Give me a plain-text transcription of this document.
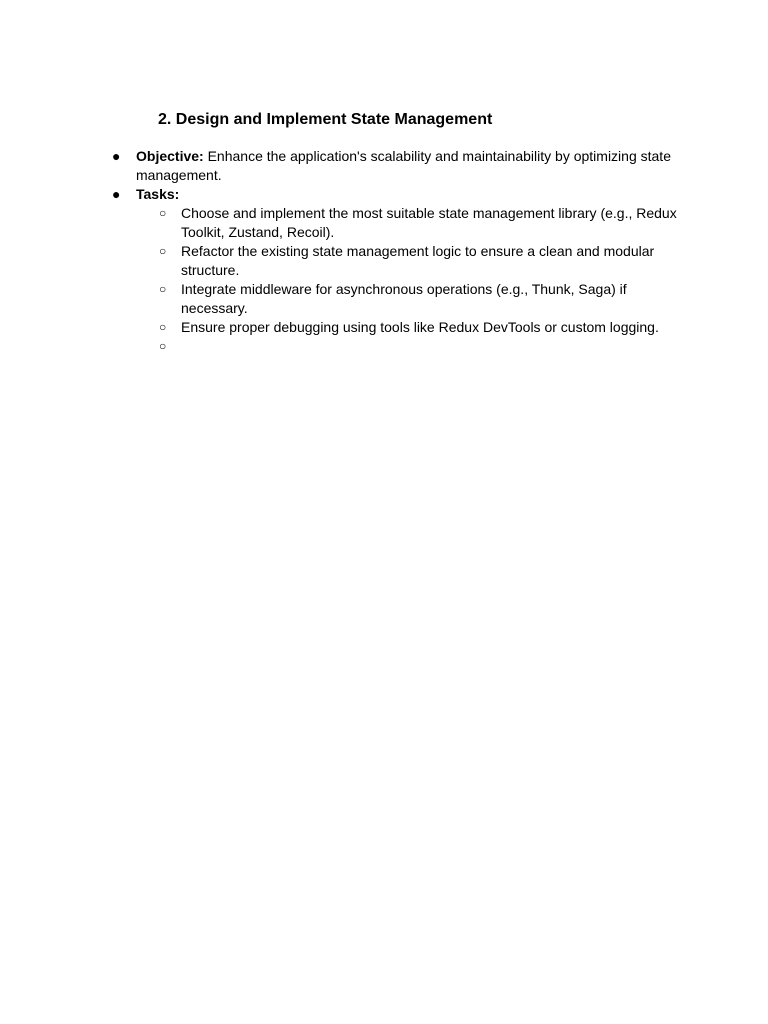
2. Design and Implement State Management
● Objective: Enhance the application's scalability and maintainability by optimizing state management.
● Tasks:
○ Choose and implement the most suitable state management library (e.g., Redux Toolkit, Zustand, Recoil).
○ Refactor the existing state management logic to ensure a clean and modular structure.
○ Integrate middleware for asynchronous operations (e.g., Thunk, Saga) if necessary.
○ Ensure proper debugging using tools like Redux DevTools or custom logging.
○
